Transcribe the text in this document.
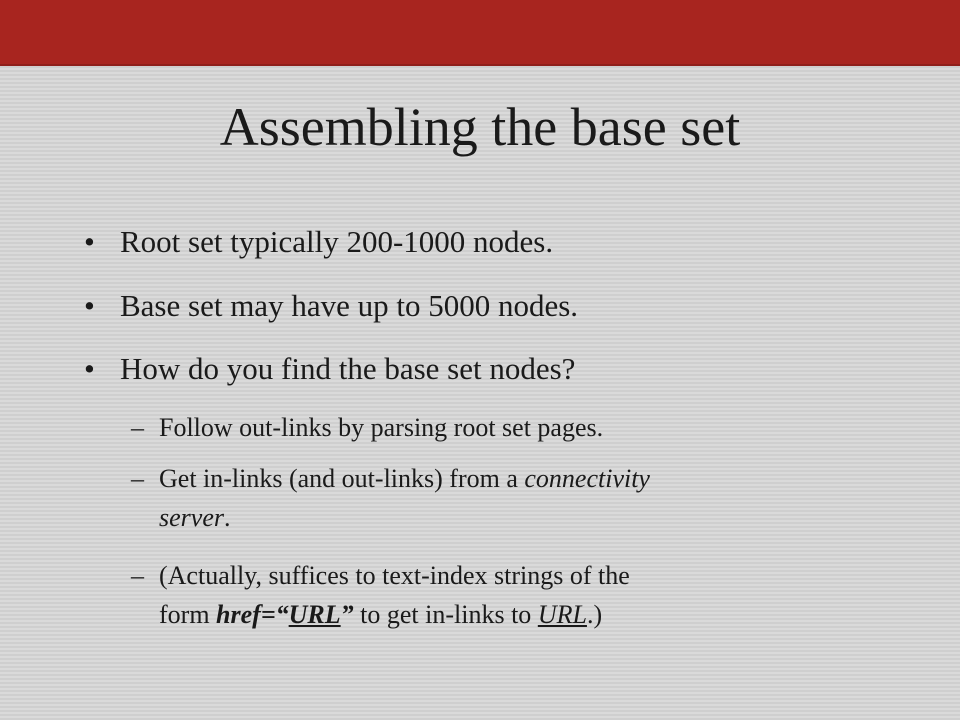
Assembling the base set
• Root set typically 200-1000 nodes.
• Base set may have up to 5000 nodes.
• How do you find the base set nodes?
– Follow out-links by parsing root set pages.
– Get in-links (and out-links) from a connectivity
server.
– (Actually, suffices to text-index strings of the
form href=“URL” to get in-links to URL.)
